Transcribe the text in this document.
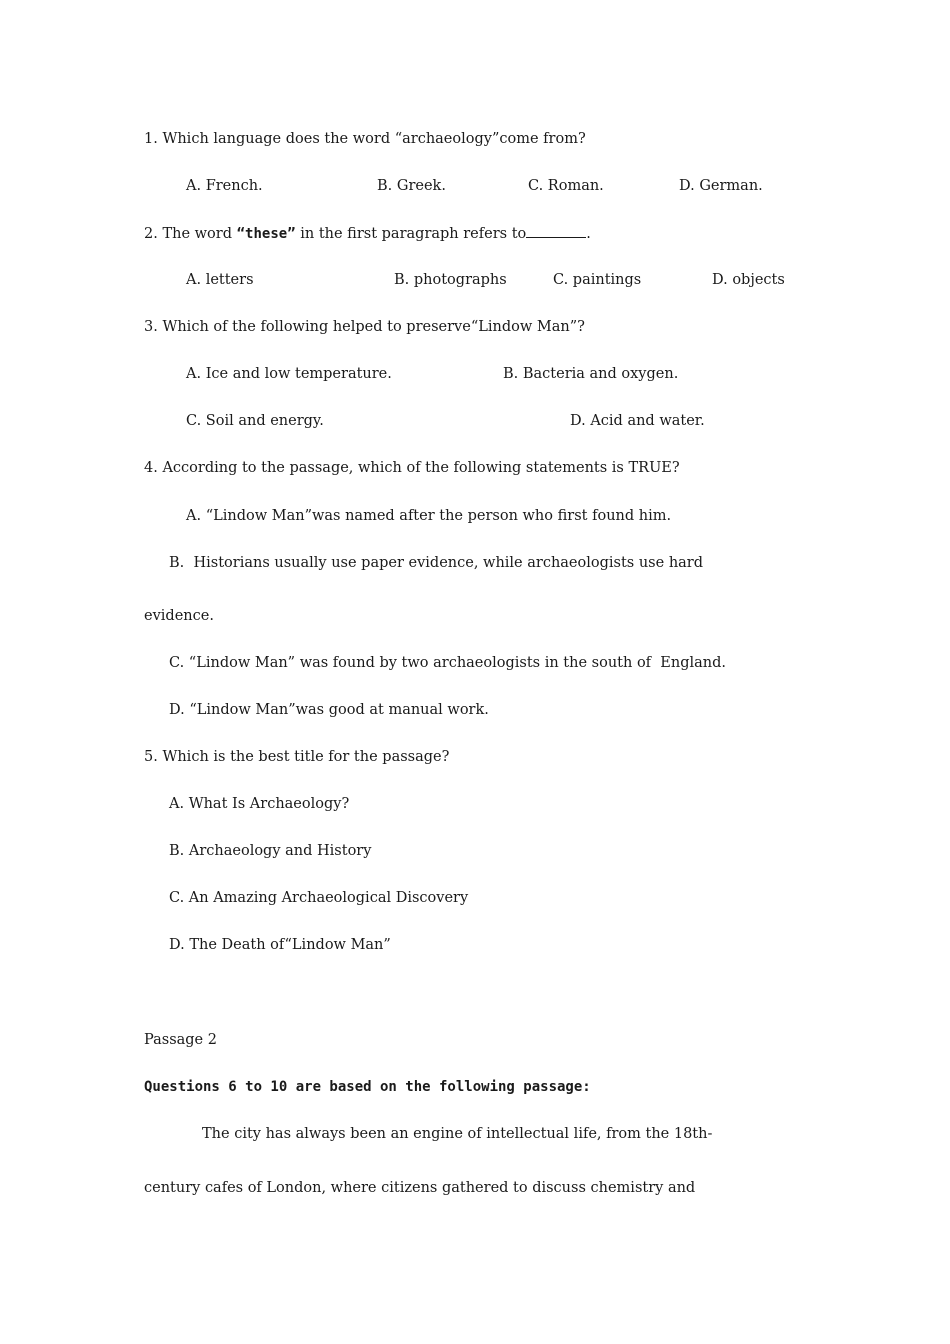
1. Which language does the word “archaeology”come from?
A. French.	B. Greek.	C. Roman.	D. German.
2. The word “these” in the first paragraph refers to	.
A. letters	B. photographs	C. paintings	D. objects
3. Which of the following helped to preserve“Lindow Man”?
A. Ice and low temperature.	B. Bacteria and oxygen.
C. Soil and energy.	D. Acid and water.
4. According to the passage, which of the following statements is TRUE?
A. “Lindow Man”was named after the person who first found him.
B.  Historians usually use paper evidence, while archaeologists use hard
evidence.
C. “Lindow Man” was found by two archaeologists in the south of  England.
D. “Lindow Man”was good at manual work.
5. Which is the best title for the passage?
A. What Is Archaeology?
B. Archaeology and History
C. An Amazing Archaeological Discovery
D. The Death of“Lindow Man”
Passage 2
Questions 6 to 10 are based on the following passage:
The city has always been an engine of intellectual life, from the 18th-
century cafes of London, where citizens gathered to discuss chemistry and
